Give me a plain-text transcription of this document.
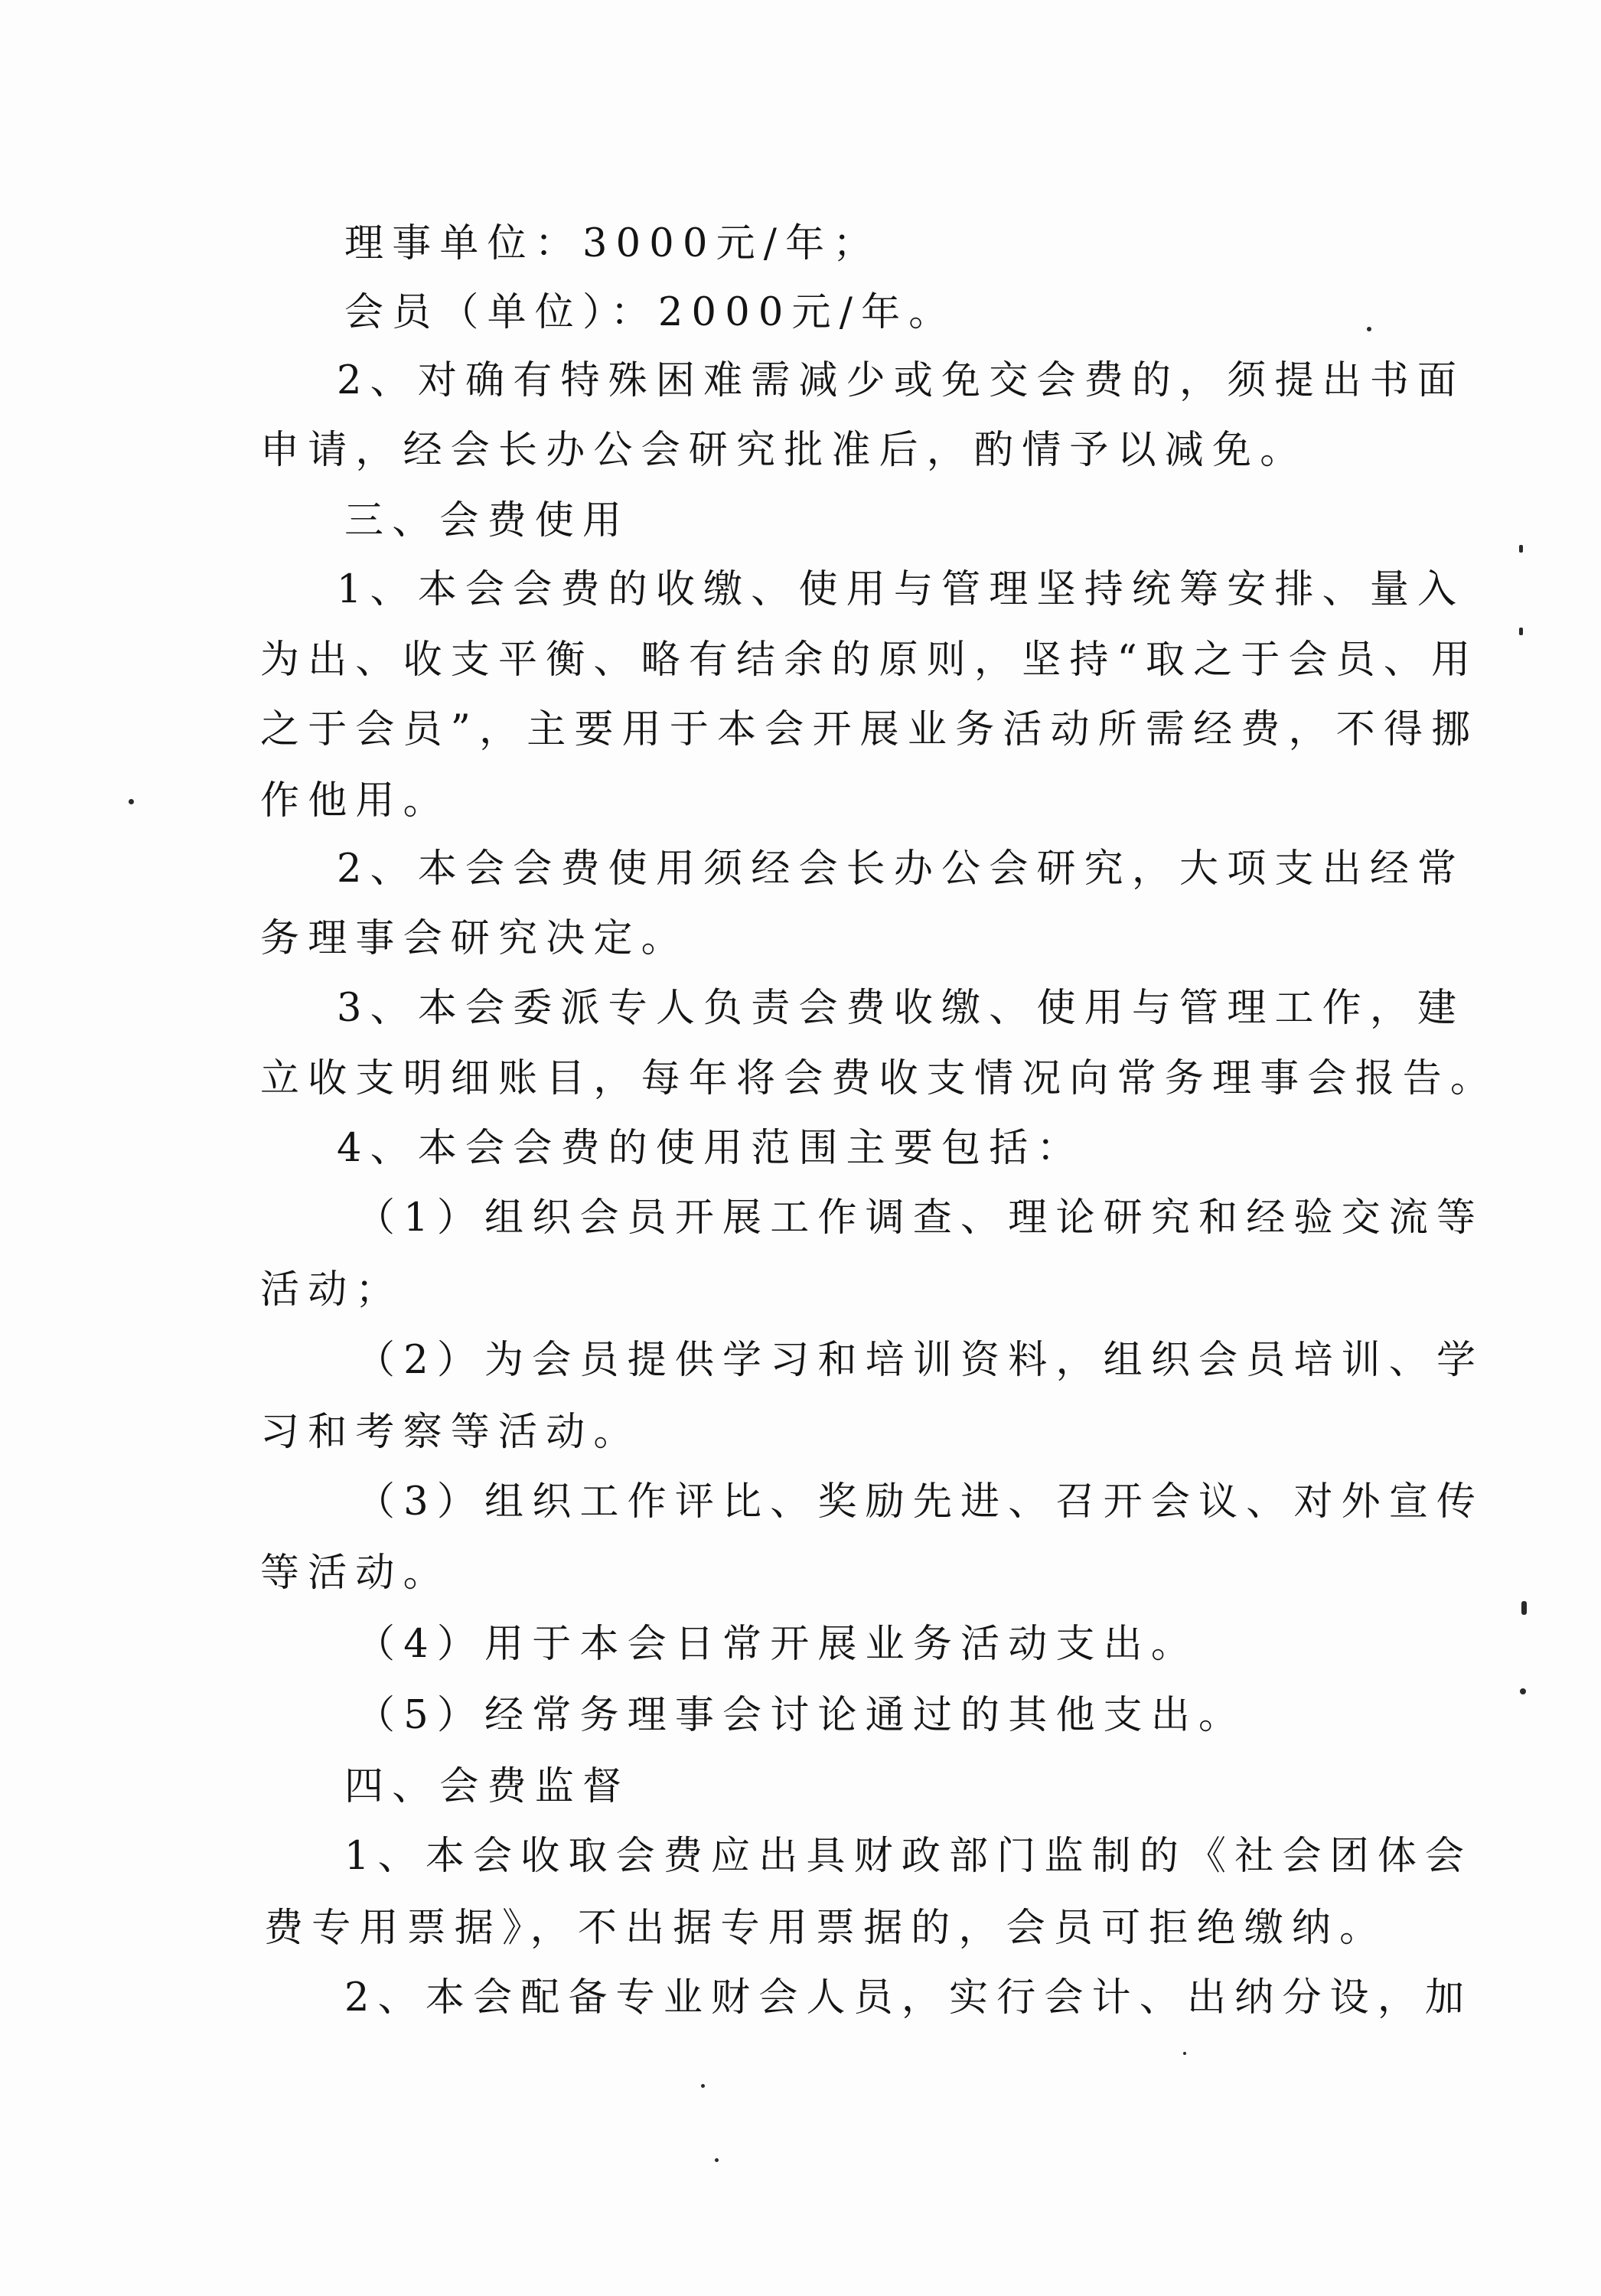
理事单位：3000元/年；

会员（单位）：2000元/年。

2、对确有特殊困难需减少或免交会费的，须提出书面

申请，经会长办公会研究批准后，酌情予以减免。

三、会费使用

1、本会会费的收缴、使用与管理坚持统筹安排、量入

为出、收支平衡、略有结余的原则，坚持“取之于会员、用

之于会员”，主要用于本会开展业务活动所需经费，不得挪

作他用。

2、本会会费使用须经会长办公会研究，大项支出经常

务理事会研究决定。

3、本会委派专人负责会费收缴、使用与管理工作，建

立收支明细账目，每年将会费收支情况向常务理事会报告。

4、本会会费的使用范围主要包括：

（1）组织会员开展工作调查、理论研究和经验交流等

活动；

（2）为会员提供学习和培训资料，组织会员培训、学

习和考察等活动。

（3）组织工作评比、奖励先进、召开会议、对外宣传

等活动。

（4）用于本会日常开展业务活动支出。

（5）经常务理事会讨论通过的其他支出。

四、会费监督

1、本会收取会费应出具财政部门监制的《社会团体会

费专用票据》，不出据专用票据的，会员可拒绝缴纳。

2、本会配备专业财会人员，实行会计、出纳分设，加
